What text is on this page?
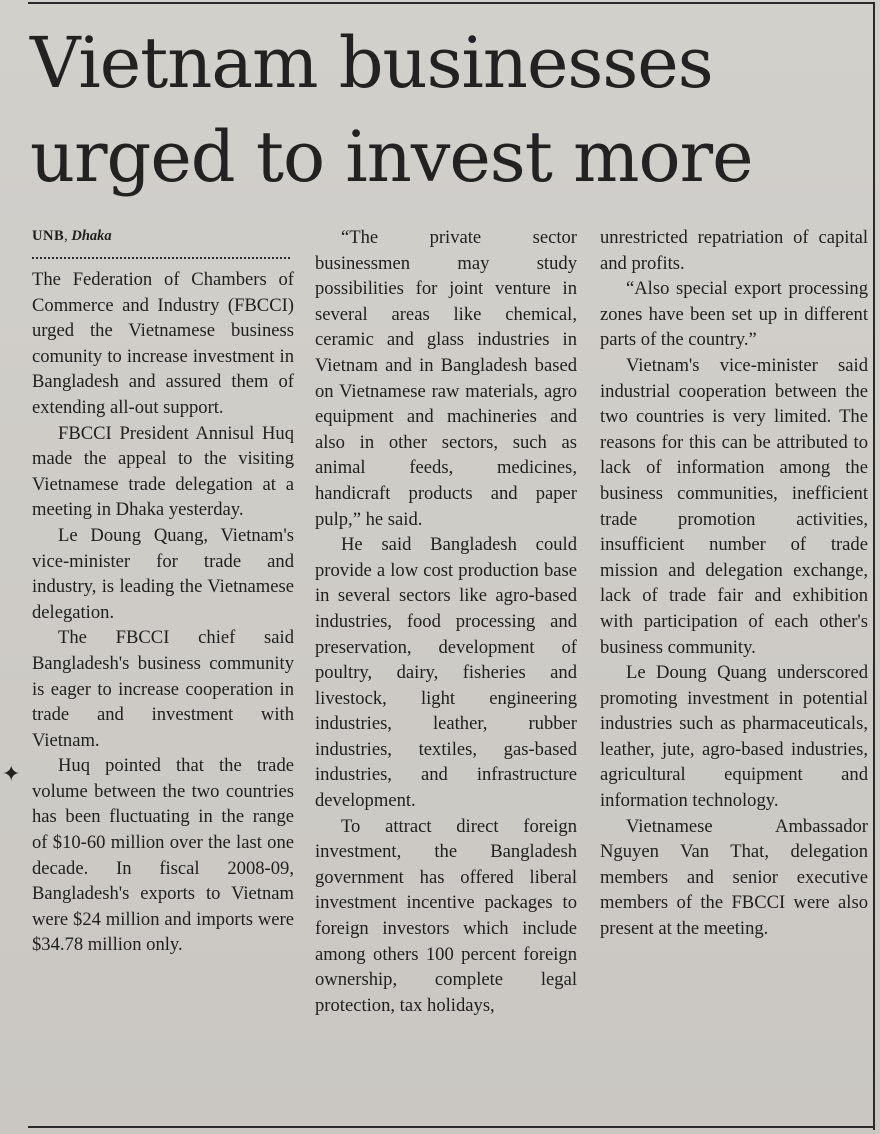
Vietnam businesses
urged to invest more
UNB, Dhaka

The Federation of Chambers of Commerce and Industry (FBCCI) urged the Vietnamese business comunity to increase investment in Bangladesh and assured them of extending all-out support.

FBCCI President Annisul Huq made the appeal to the visiting Vietnamese trade delegation at a meeting in Dhaka yesterday.

Le Doung Quang, Vietnam's vice-minister for trade and industry, is leading the Vietnamese delegation.

The FBCCI chief said Bangladesh's business community is eager to increase cooperation in trade and investment with Vietnam.

Huq pointed that the trade volume between the two countries has been fluctuating in the range of $10-60 million over the last one decade. In fiscal 2008-09, Bangladesh's exports to Vietnam were $24 million and imports were $34.78 million only.

“The private sector businessmen may study possibilities for joint venture in several areas like chemical, ceramic and glass industries in Vietnam and in Bangladesh based on Vietnamese raw materials, agro equipment and machineries and also in other sectors, such as animal feeds, medicines, handicraft products and paper pulp,” he said.

He said Bangladesh could provide a low cost production base in several sectors like agro-based industries, food processing and preservation, development of poultry, dairy, fisheries and livestock, light engineering industries, leather, rubber industries, textiles, gas-based industries, and infrastructure development.

To attract direct foreign investment, the Bangladesh government has offered liberal investment incentive packages to foreign investors which include among others 100 percent foreign ownership, complete legal protection, tax holidays,

unrestricted repatriation of capital and profits.

“Also special export processing zones have been set up in different parts of the country.”

Vietnam's vice-minister said industrial cooperation between the two countries is very limited. The reasons for this can be attributed to lack of information among the business communities, inefficient trade promotion activities, insufficient number of trade mission and delegation exchange, lack of trade fair and exhibition with participation of each other's business community.

Le Doung Quang underscored promoting investment in potential industries such as pharmaceuticals, leather, jute, agro-based industries, agricultural equipment and information technology.

Vietnamese Ambassador Nguyen Van That, delegation members and senior executive members of the FBCCI were also present at the meeting.

✦
